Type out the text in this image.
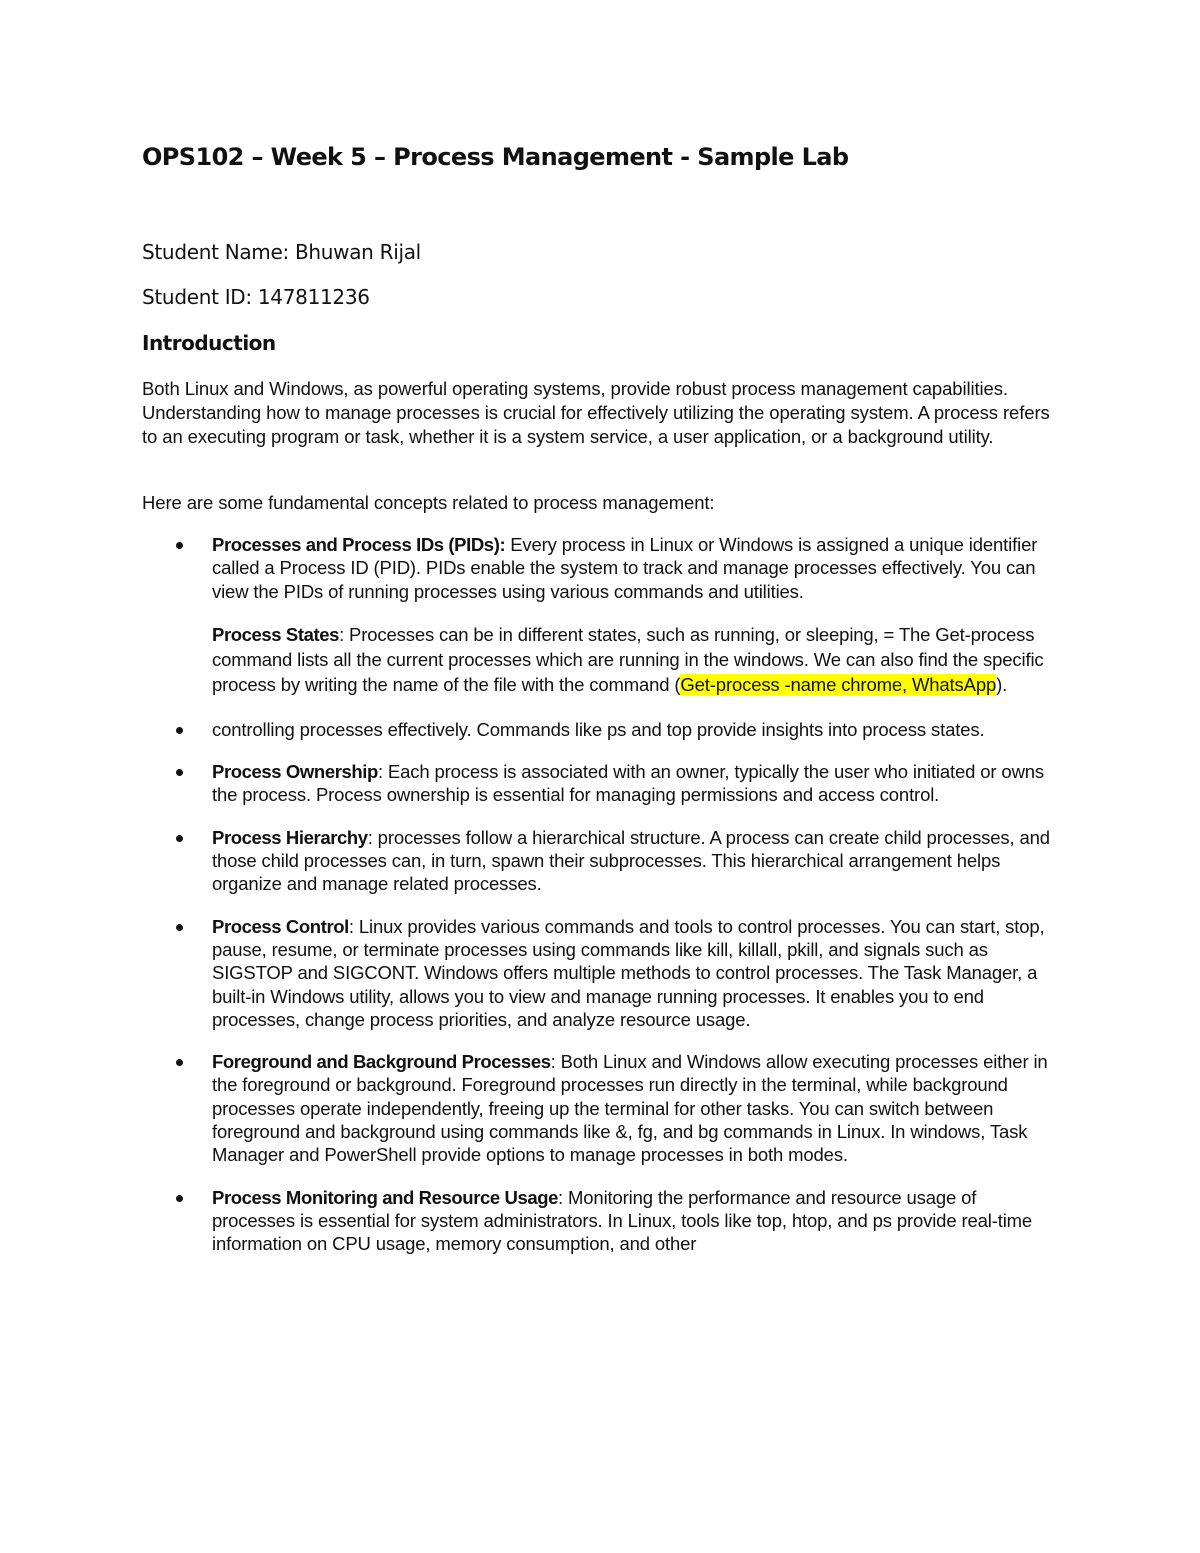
OPS102 – Week 5 – Process Management - Sample Lab

Student Name: Bhuwan Rijal

Student ID: 147811236

Introduction

Both Linux and Windows, as powerful operating systems, provide robust process management capabilities. Understanding how to manage processes is crucial for effectively utilizing the operating system. A process refers to an executing program or task, whether it is a system service, a user application, or a background utility.

Here are some fundamental concepts related to process management:

Processes and Process IDs (PIDs): Every process in Linux or Windows is assigned a unique identifier called a Process ID (PID). PIDs enable the system to track and manage processes effectively. You can view the PIDs of running processes using various commands and utilities.
Process States: Processes can be in different states, such as running, or sleeping, = The Get-process command lists all the current processes which are running in the windows. We can also find the specific process by writing the name of the file with the command (Get-process -name chrome, WhatsApp).
controlling processes effectively. Commands like ps and top provide insights into process states.
Process Ownership: Each process is associated with an owner, typically the user who initiated or owns the process. Process ownership is essential for managing permissions and access control.
Process Hierarchy: processes follow a hierarchical structure. A process can create child processes, and those child processes can, in turn, spawn their subprocesses. This hierarchical arrangement helps organize and manage related processes.
Process Control: Linux provides various commands and tools to control processes. You can start, stop, pause, resume, or terminate processes using commands like kill, killall, pkill, and signals such as SIGSTOP and SIGCONT. Windows offers multiple methods to control processes. The Task Manager, a built-in Windows utility, allows you to view and manage running processes. It enables you to end processes, change process priorities, and analyze resource usage.
Foreground and Background Processes: Both Linux and Windows allow executing processes either in the foreground or background. Foreground processes run directly in the terminal, while background processes operate independently, freeing up the terminal for other tasks. You can switch between foreground and background using commands like &, fg, and bg commands in Linux. In windows, Task Manager and PowerShell provide options to manage processes in both modes.
Process Monitoring and Resource Usage: Monitoring the performance and resource usage of processes is essential for system administrators. In Linux, tools like top, htop, and ps provide real-time information on CPU usage, memory consumption, and other
